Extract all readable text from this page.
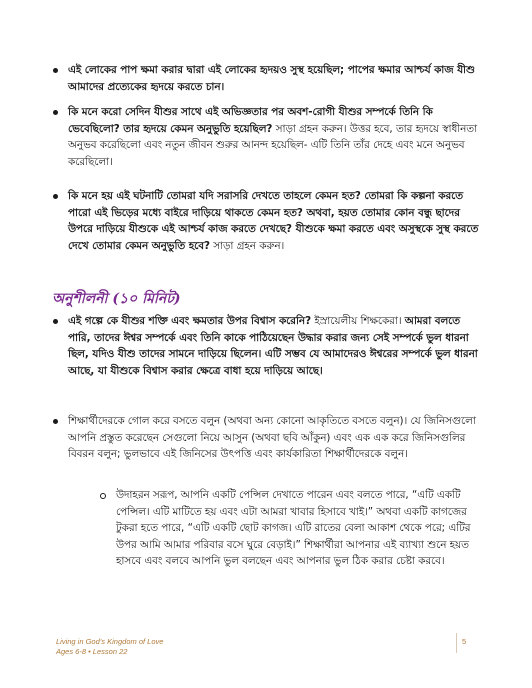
এই লোকের পাপ ক্ষমা করার দ্বারা এই লোকের হৃদয়ও সুস্থ হয়েছিল; পাপের ক্ষমার আশ্চর্য কাজ যীশু আমাদের প্রত্যেকের হৃদয়ে করতে চান।
কি মনে করো সেদিন যীশুর সাথে এই অভিজ্ঞতার পর অবশ-রোগী যীশুর সম্পর্কে তিনি কি ভেবেছিলো? তার হৃদয়ে কেমন অনুভুতি হয়েছিল? সাড়া গ্রহন করুন। উত্তর হবে, তার হৃদয়ে স্বাধীনতা অনুভব করেছিলো এবং নতুন জীবন শুরুর আনন্দ হয়েছিল- এটি তিনি তাঁর দেহে এবং মনে অনুভব করেছিলো।
কি মনে হয় এই ঘটনাটি তোমরা যদি সরাসরি দেখতে তাহলে কেমন হত? তোমরা কি কল্পনা করতে পারো এই ভিড়ের মধ্যে বাইরে দাড়িয়ে থাকতে কেমন হত? অথবা, হয়ত তোমার কোন বন্ধু ছাদের উপরে দাড়িয়ে যীশুকে এই আশ্চর্য কাজ করতে দেখছে? যীশুকে ক্ষমা করতে এবং অসুস্থকে সুস্থ করতে দেখে তোমার কেমন অনুভুতি হবে? সাড়া গ্রহন করুন।
অনুশীলনী (১০ মিনিট)
এই গল্পে কে যীশুর শক্তি এবং ক্ষমতার উপর বিশ্বাস করেনি? ইস্রায়েলীয় শিক্ষকেরা। আমরা বলতে পারি, তাদের ঈশ্বর সম্পর্কে এবং তিনি কাকে পাঠিয়েছেন উদ্ধার করার জন্য সেই সম্পর্কে ভুল ধারনা ছিল, যদিও যীশু তাদের সামনে দাড়িয়ে ছিলেন। এটি সম্ভব যে আমাদেরও ঈশ্বরের সম্পর্কে ভুল ধারনা আছে, যা যীশুকে বিশ্বাস করার ক্ষেত্রে বাধা হয়ে দাড়িয়ে আছে।
শিক্ষার্থীদেরকে গোল করে বসতে বলুন (অথবা অন্য কোনো আকৃতিতে বসতে বলুন)। যে জিনিসগুলো আপনি প্রস্তুত করেছেন সেগুলো নিয়ে আসুন (অথবা ছবি আঁকুন) এবং এক এক করে জিনিসগুলির বিবরন বলুন; ভুলভাবে এই জিনিসের উৎপত্তি এবং কার্যকারিতা শিক্ষার্থীদেরকে বলুন।
উদাহরন সরূপ, আপনি একটি পেন্সিল দেখাতে পারেন এবং বলতে পারে, “এটি একটি পেন্সিল। এটি মাটিতে হয় এবং এটা আমরা খাবার হিসাবে খাই।” অথবা একটি কাগজের টুকরা হতে পারে, “এটি একটি ছোট কাগজ। এটি রাতের বেলা আকাশ থেকে পরে; এটির উপর আমি আমার পরিবার বসে ঘুরে বেড়াই।” শিক্ষার্থীরা আপনার এই ব্যাখ্যা শুনে হয়ত হাসবে এবং বলবে আপনি ভুল বলছেন এবং আপনার ভুল ঠিক করার চেষ্টা করবে।
Living in God’s Kingdom of Love
Ages 6-8 • Lesson 22
5
